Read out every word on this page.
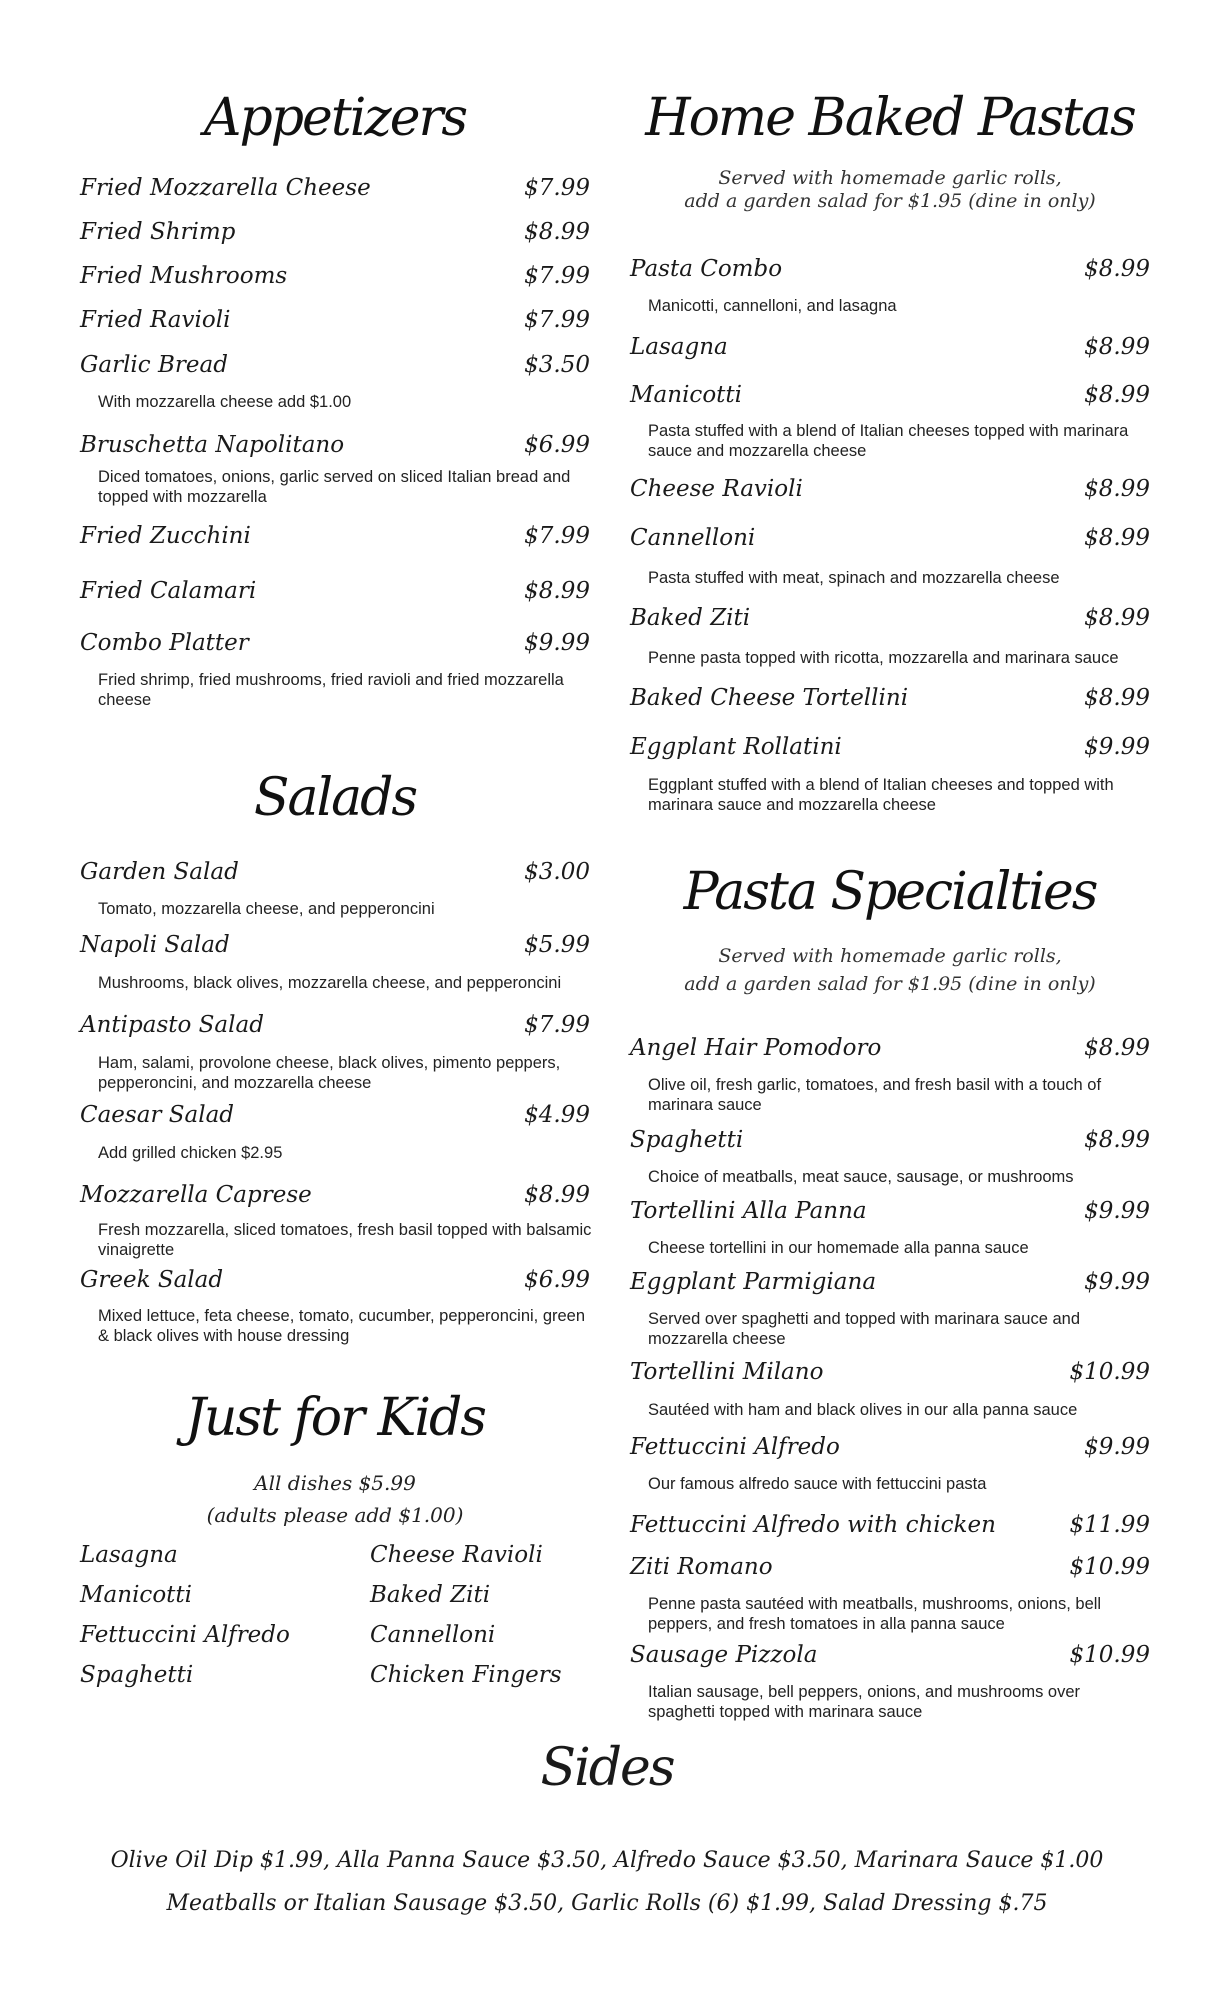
Appetizers
Fried Mozzarella Cheese	$7.99
Fried Shrimp	$8.99
Fried Mushrooms	$7.99
Fried Ravioli	$7.99
Garlic Bread	$3.50
With mozzarella cheese add $1.00
Bruschetta Napolitano	$6.99
Diced tomatoes, onions, garlic served on sliced Italian bread and topped with mozzarella
Fried Zucchini	$7.99
Fried Calamari	$8.99
Combo Platter	$9.99
Fried shrimp, fried mushrooms, fried ravioli and fried mozzarella cheese
Salads
Garden Salad	$3.00
Tomato, mozzarella cheese, and pepperoncini
Napoli Salad	$5.99
Mushrooms, black olives, mozzarella cheese, and pepperoncini
Antipasto Salad	$7.99
Ham, salami, provolone cheese, black olives, pimento peppers, pepperoncini, and mozzarella cheese
Caesar Salad	$4.99
Add grilled chicken $2.95
Mozzarella Caprese	$8.99
Fresh mozzarella, sliced tomatoes, fresh basil topped with balsamic vinaigrette
Greek Salad	$6.99
Mixed lettuce, feta cheese, tomato, cucumber, pepperoncini, green & black olives with house dressing
Just for Kids
All dishes $5.99
(adults please add $1.00)
Lasagna
Manicotti
Fettuccini Alfredo
Spaghetti
Cheese Ravioli
Baked Ziti
Cannelloni
Chicken Fingers
Home Baked Pastas
Served with homemade garlic rolls,
add a garden salad for $1.95 (dine in only)
Pasta Combo	$8.99
Manicotti, cannelloni, and lasagna
Lasagna	$8.99
Manicotti	$8.99
Pasta stuffed with a blend of Italian cheeses topped with marinara sauce and mozzarella cheese
Cheese Ravioli	$8.99
Cannelloni	$8.99
Pasta stuffed with meat, spinach and mozzarella cheese
Baked Ziti	$8.99
Penne pasta topped with ricotta, mozzarella and marinara sauce
Baked Cheese Tortellini	$8.99
Eggplant Rollatini	$9.99
Eggplant stuffed with a blend of Italian cheeses and topped with marinara sauce and mozzarella cheese
Pasta Specialties
Served with homemade garlic rolls,
add a garden salad for $1.95 (dine in only)
Angel Hair Pomodoro	$8.99
Olive oil, fresh garlic, tomatoes, and fresh basil with a touch of marinara sauce
Spaghetti	$8.99
Choice of meatballs, meat sauce, sausage, or mushrooms
Tortellini Alla Panna	$9.99
Cheese tortellini in our homemade alla panna sauce
Eggplant Parmigiana	$9.99
Served over spaghetti and topped with marinara sauce and mozzarella cheese
Tortellini Milano	$10.99
Sautéed with ham and black olives in our alla panna sauce
Fettuccini Alfredo	$9.99
Our famous alfredo sauce with fettuccini pasta
Fettuccini Alfredo with chicken	$11.99
Ziti Romano	$10.99
Penne pasta sautéed with meatballs, mushrooms, onions, bell peppers, and fresh tomatoes in alla panna sauce
Sausage Pizzola	$10.99
Italian sausage, bell peppers, onions, and mushrooms over spaghetti topped with marinara sauce
Sides
Olive Oil Dip $1.99, Alla Panna Sauce $3.50, Alfredo Sauce $3.50, Marinara Sauce $1.00
Meatballs or Italian Sausage $3.50, Garlic Rolls (6) $1.99, Salad Dressing $.75
